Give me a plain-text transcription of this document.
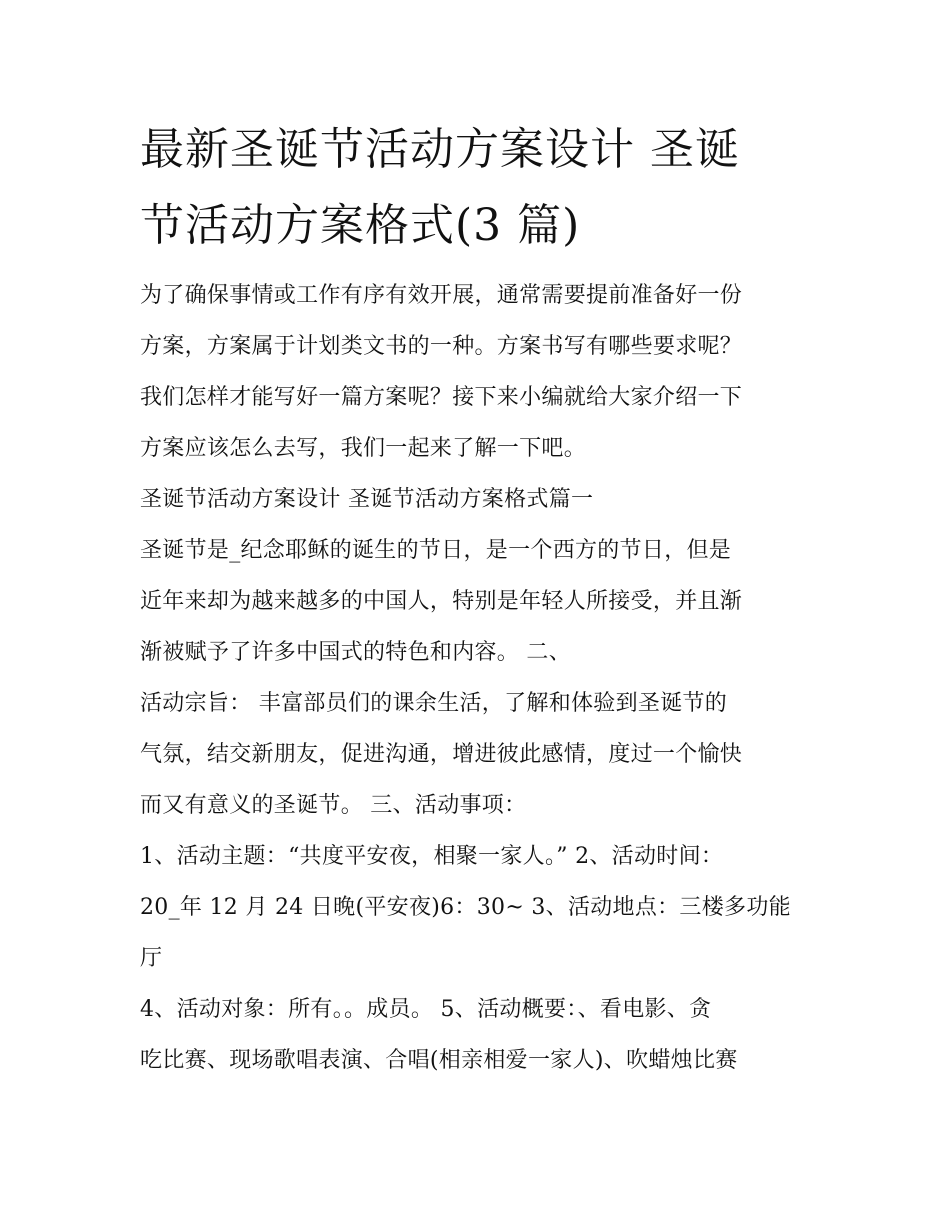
最新圣诞节活动方案设计 圣诞
节活动方案格式(3 篇)

为了确保事情或工作有序有效开展，通常需要提前准备好一份
方案，方案属于计划类文书的一种。方案书写有哪些要求呢？
我们怎样才能写好一篇方案呢？接下来小编就给大家介绍一下
方案应该怎么去写，我们一起来了解一下吧。

圣诞节活动方案设计 圣诞节活动方案格式篇一

圣诞节是_纪念耶稣的诞生的节日，是一个西方的节日，但是
近年来却为越来越多的中国人，特别是年轻人所接受，并且渐
渐被赋予了许多中国式的特色和内容。 二、

活动宗旨： 丰富部员们的课余生活，了解和体验到圣诞节的
气氛，结交新朋友，促进沟通，增进彼此感情，度过一个愉快
而又有意义的圣诞节。 三、活动事项：

1、活动主题：“共度平安夜，相聚一家人。” 2、活动时间：
20_年 12 月 24 日晚(平安夜)6：30~ 3、活动地点：三楼多功能
厅

4、活动对象：所有。。成员。 5、活动概要：、看电影、贪
吃比赛、现场歌唱表演、合唱(相亲相爱一家人)、吹蜡烛比赛
